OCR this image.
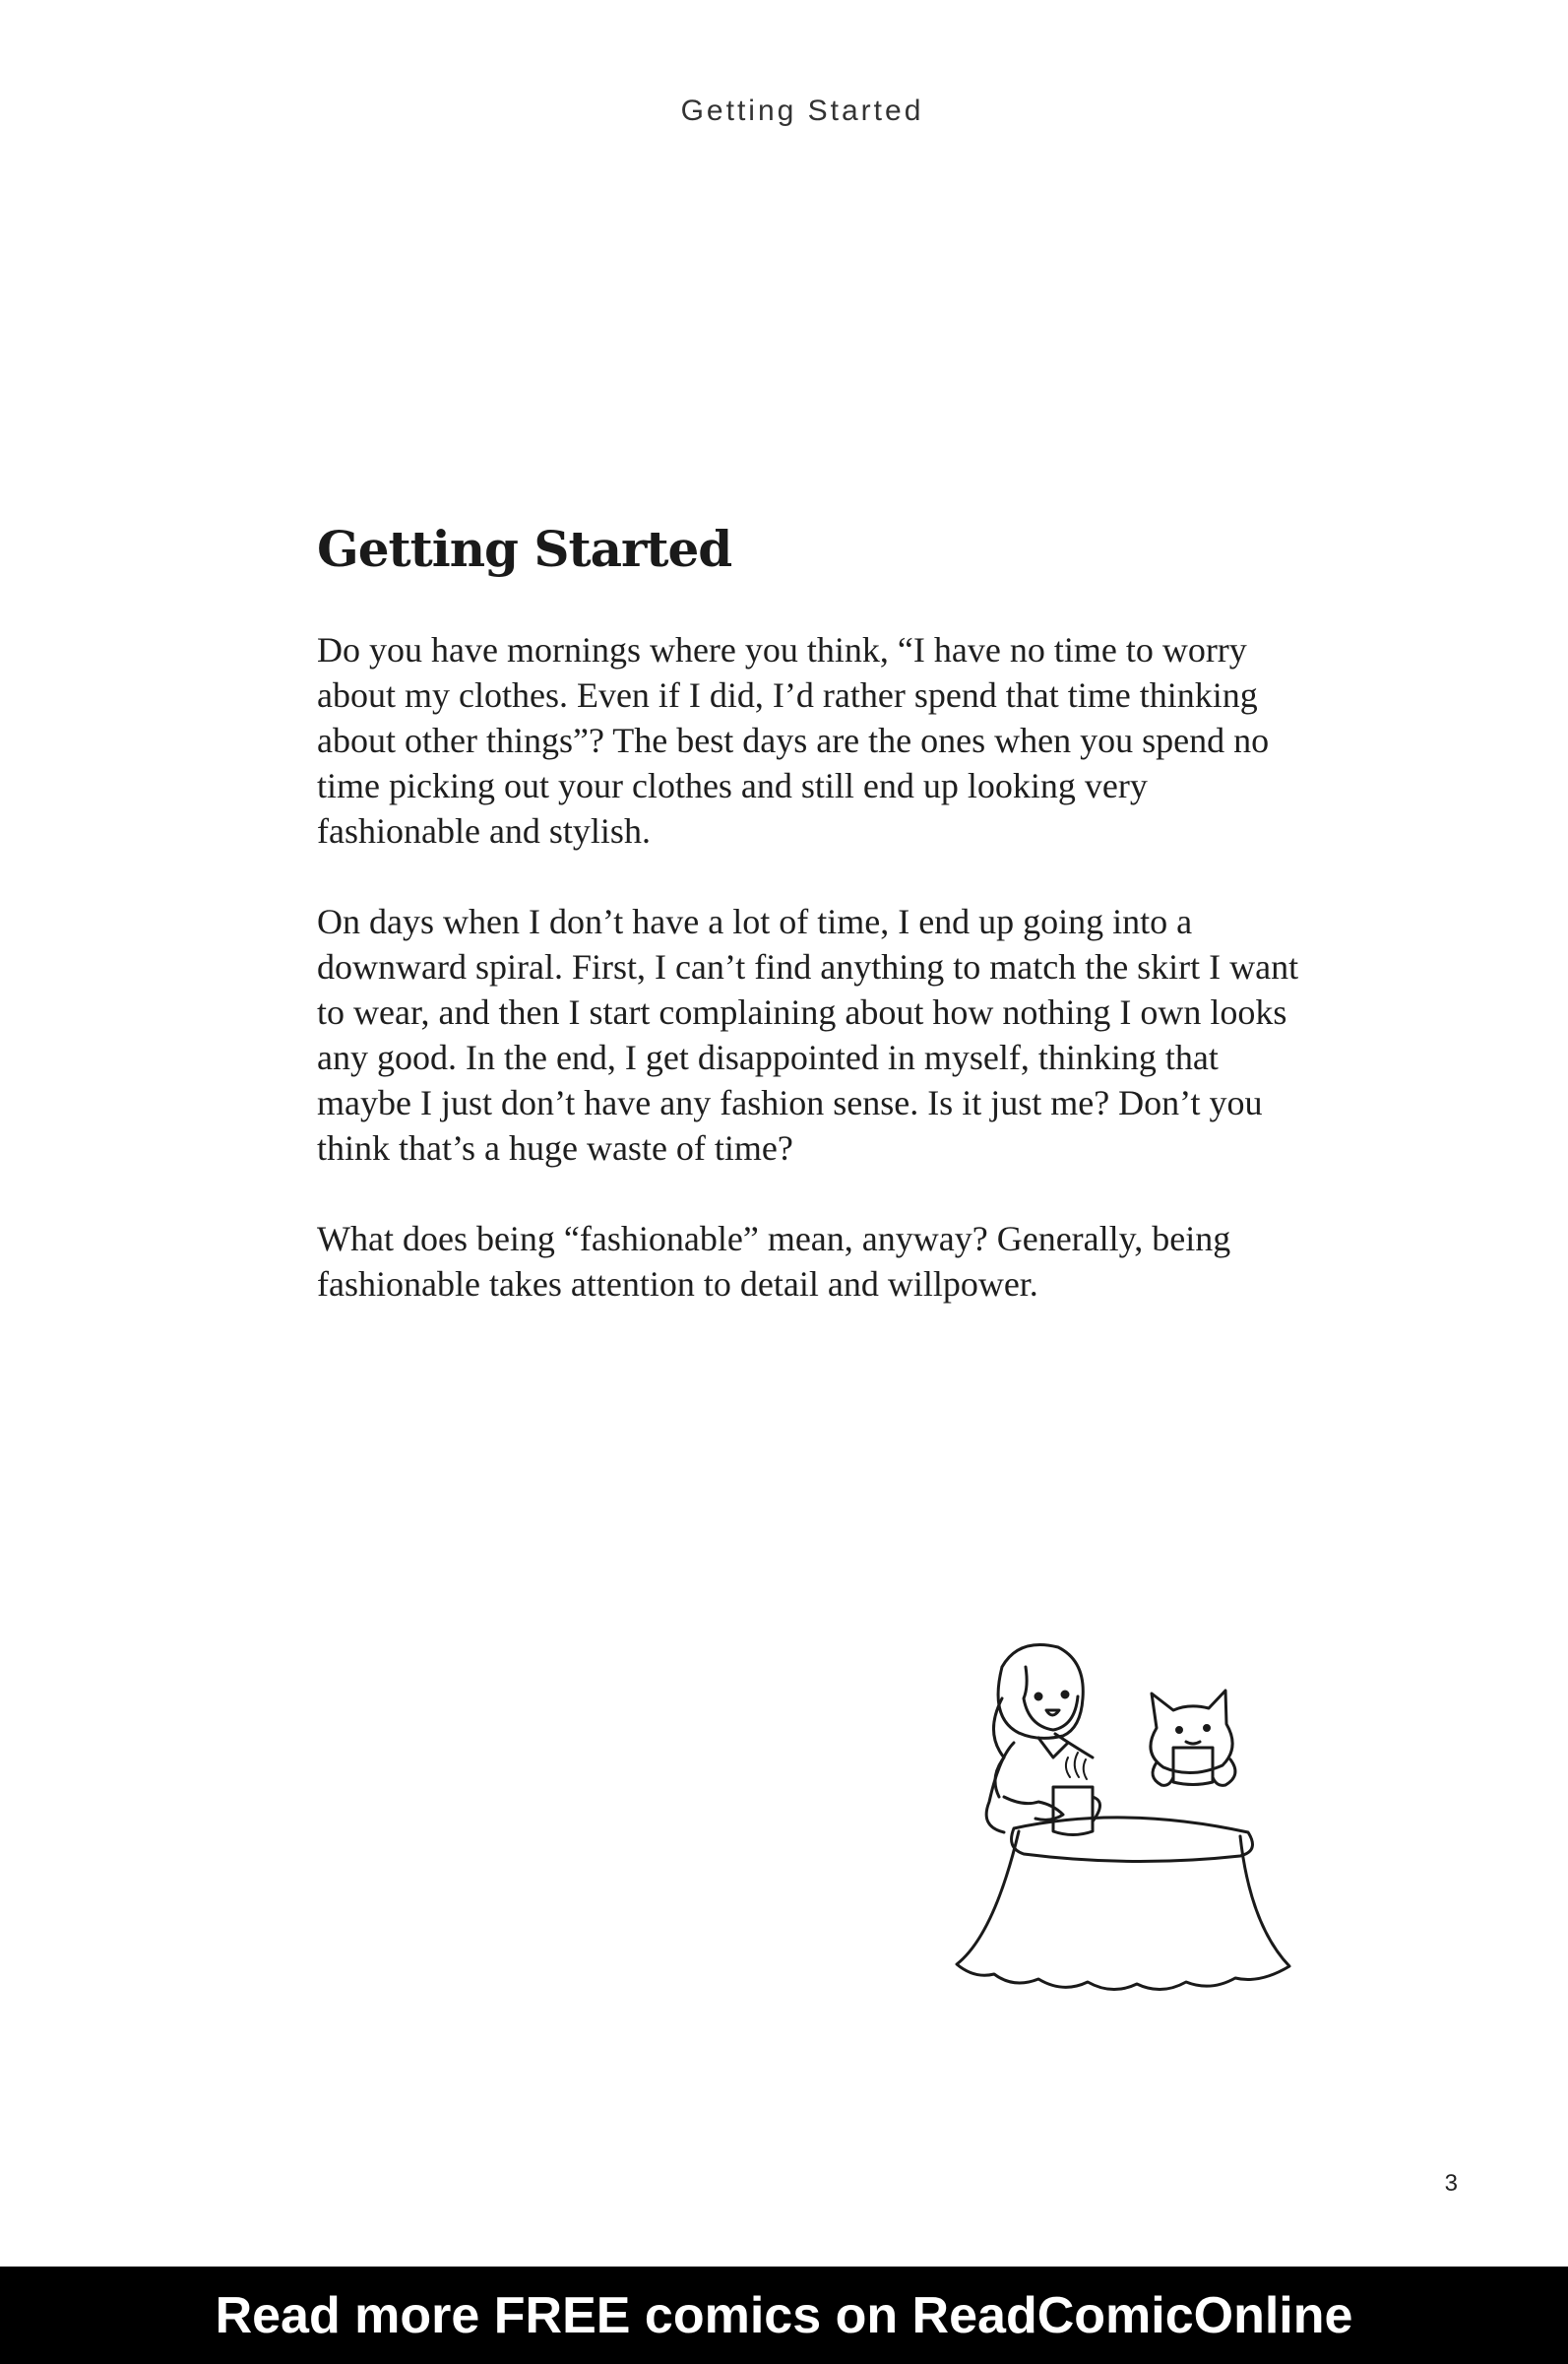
Getting Started
Getting Started

Do you have mornings where you think, “I have no time to worry about my clothes. Even if I did, I’d rather spend that time thinking about other things”? The best days are the ones when you spend no time picking out your clothes and still end up looking very fashionable and stylish.

On days when I don’t have a lot of time, I end up going into a downward spiral. First, I can’t find anything to match the skirt I want to wear, and then I start complaining about how nothing I own looks any good. In the end, I get disappointed in myself, thinking that maybe I just don’t have any fashion sense. Is it just me? Don’t you think that’s a huge waste of time?

What does being “fashionable” mean, anyway? Generally, being fashionable takes attention to detail and willpower.

3
Read more FREE comics on ReadComicOnline
